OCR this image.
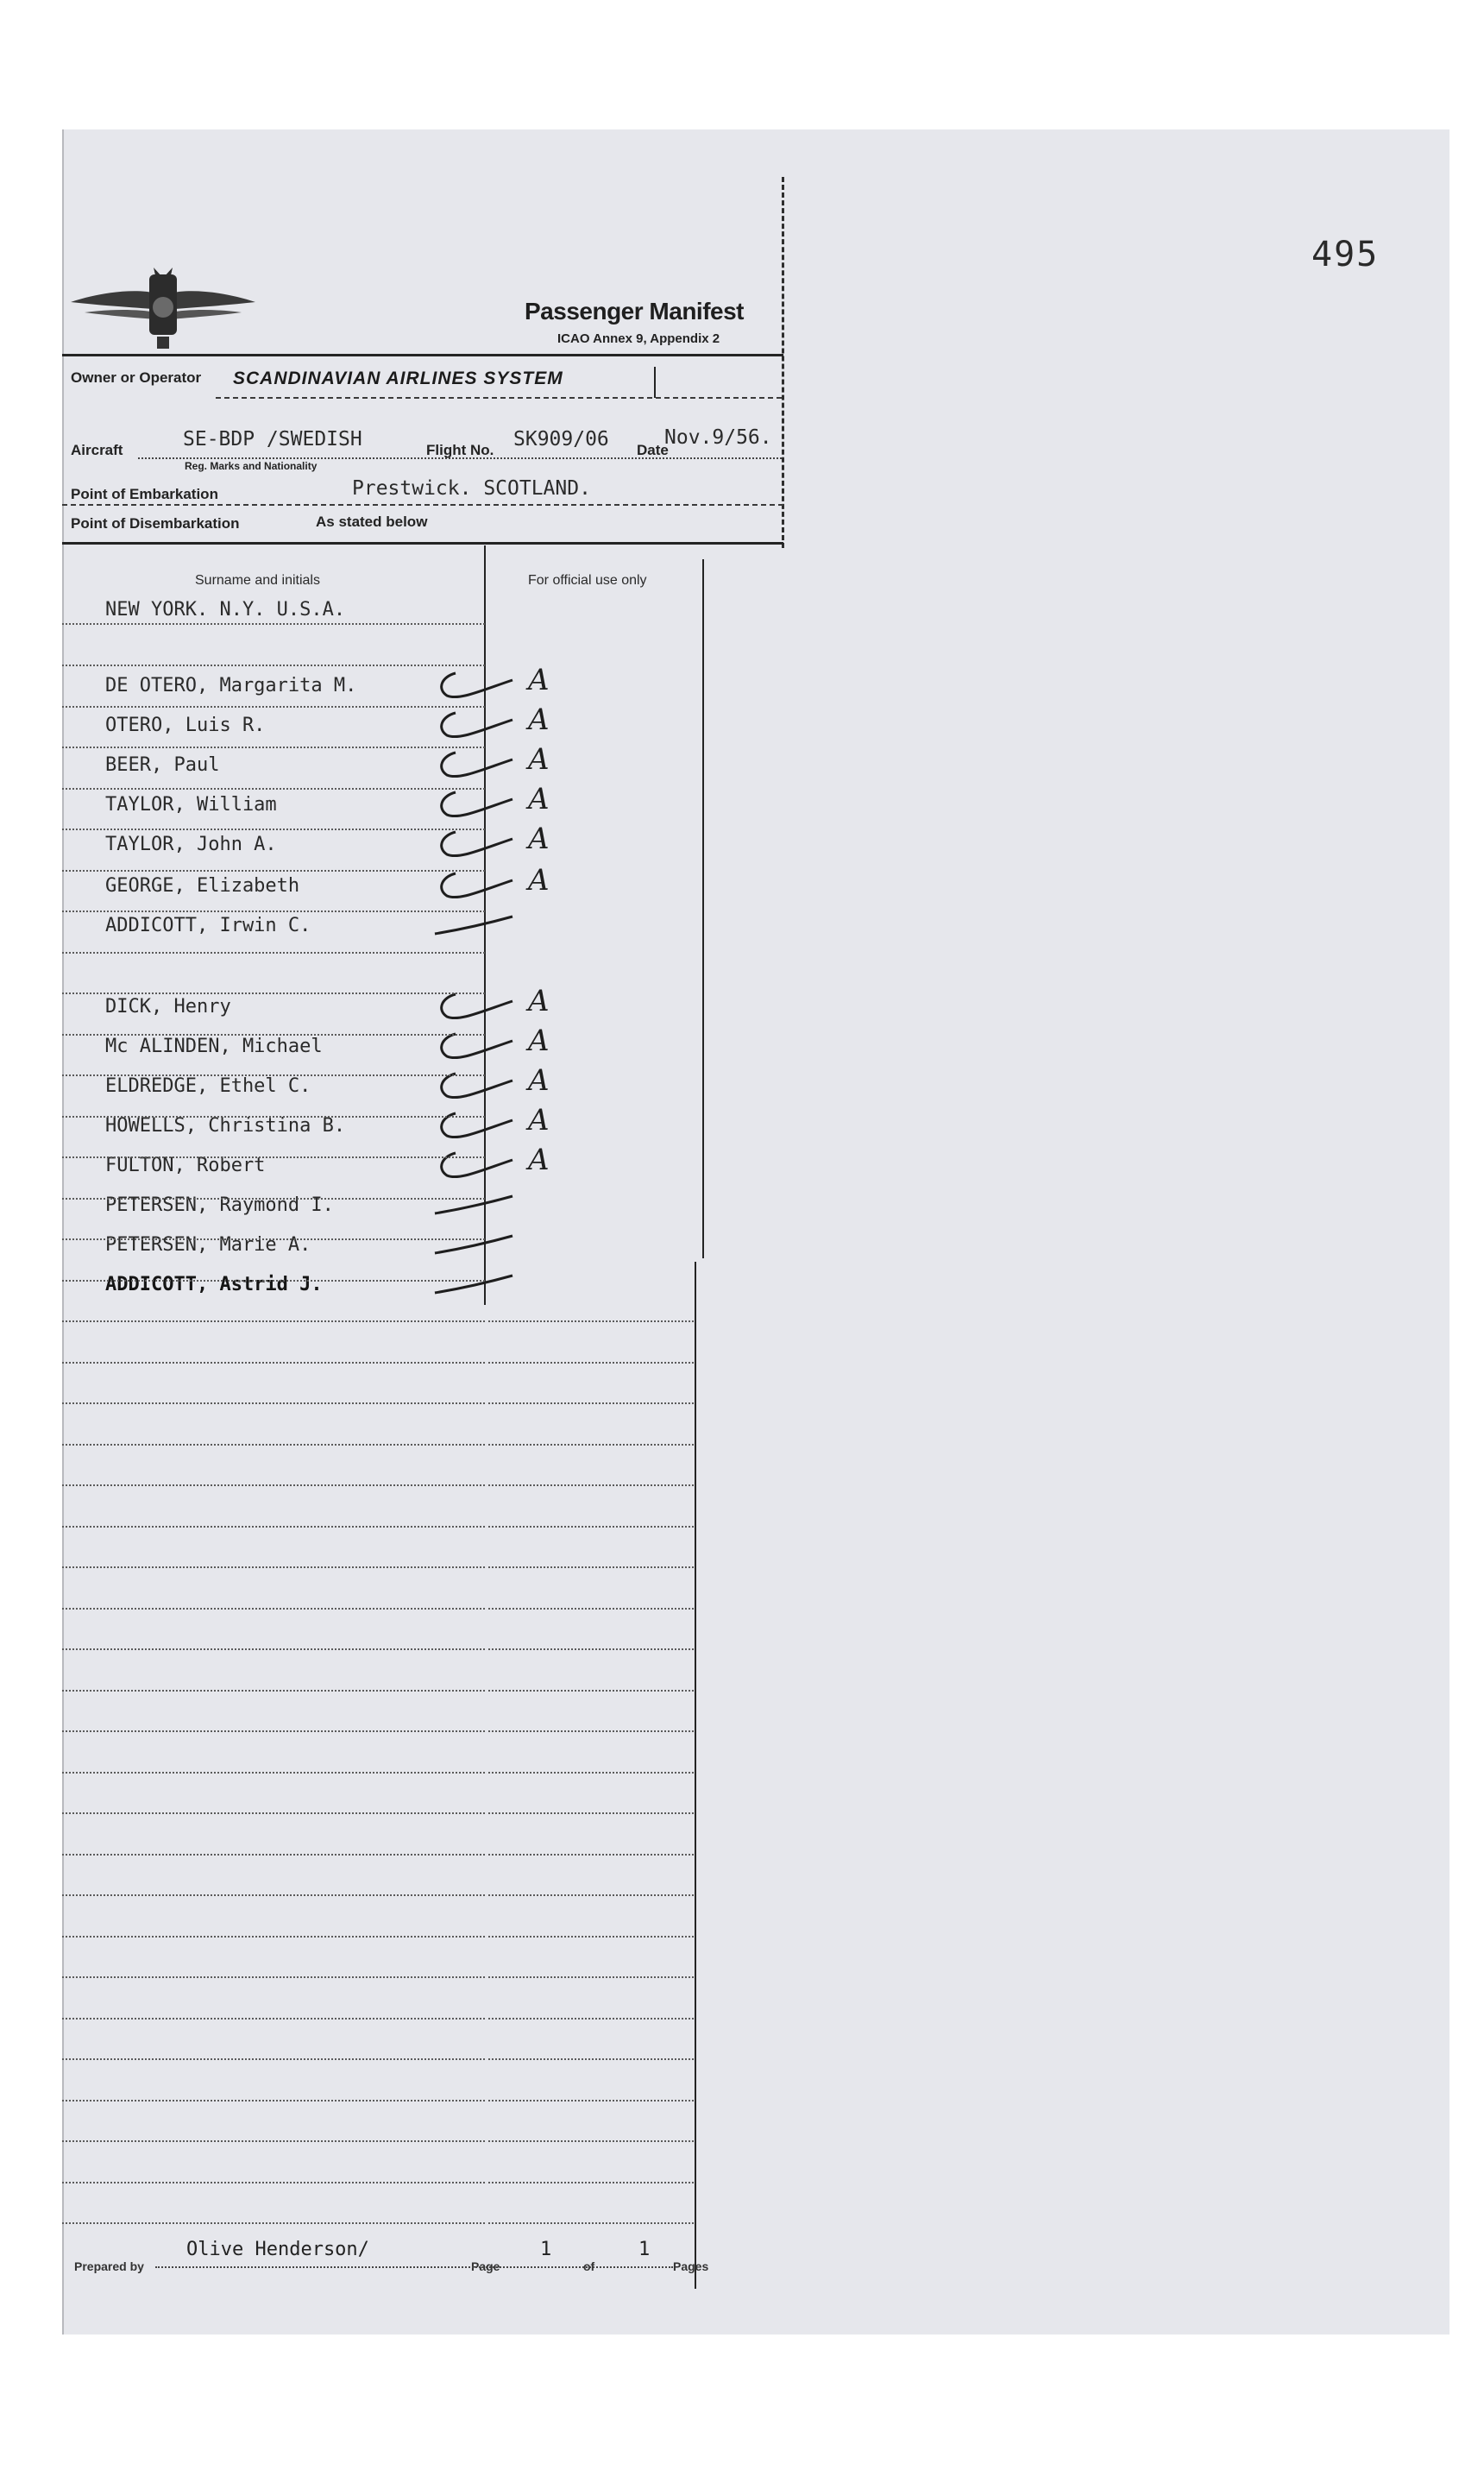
495
Passenger Manifest
ICAO Annex 9, Appendix 2
Owner or Operator SCANDINAVIAN AIRLINES SYSTEM
Aircraft	SE-BDP /SWEDISH
Reg. Marks and Nationality
Flight No. SK909/06 Date
Nov.9/56.
Point of Embarkation	Prestwick. SCOTLAND.
Point of Disembarkation	As stated below
Surname and initials	For official use only
NEW YORK. N.Y. U.S.A.
DE OTERO, Margarita M.	A
OTERO, Luis R.	A
BEER, Paul	A
TAYLOR, William	A
TAYLOR, John A.	A
GEORGE, Elizabeth	A
ADDICOTT, Irwin C.
DICK, Henry	A
Mc ALINDEN, Michael	A
ELDREDGE, Ethel C.	A
HOWELLS, Christina B.	A
FULTON, Robert	A
PETERSEN, Raymond I.
PETERSEN, Marie A.
ADDICOTT, Astrid J.
Prepared by
Olive Henderson/
Page
1
of
1
Pages
